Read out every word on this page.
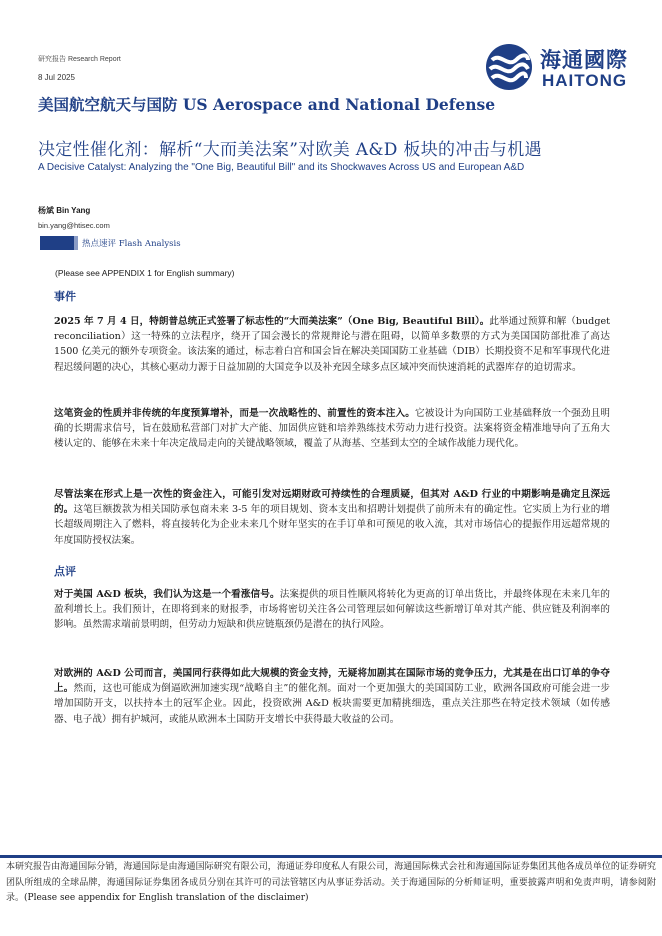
研究报告 Research Report
8 Jul 2025
海通國際
HAITONG
美国航空航天与国防 US Aerospace and National Defense
决定性催化剂：解析“大而美法案”对欧美 A&D 板块的冲击与机遇
A Decisive Catalyst: Analyzing the "One Big, Beautiful Bill" and its Shockwaves Across US and European A&D
杨斌 Bin Yang
bin.yang@htisec.com
热点速评 Flash Analysis
(Please see APPENDIX 1 for English summary)
事件

2025 年 7 月 4 日，特朗普总统正式签署了标志性的“大而美法案”（One Big, Beautiful Bill）。此举通过预算和解（budget reconciliation）这一特殊的立法程序，绕开了国会漫长的常规辩论与潜在阻碍，以简单多数票的方式为美国国防部批准了高达 1500 亿美元的额外专项资金。该法案的通过，标志着白宫和国会旨在解决美国国防工业基础（DIB）长期投资不足和军事现代化进程迟缓问题的决心，其核心驱动力源于日益加剧的大国竞争以及补充因全球多点区域冲突而快速消耗的武器库存的迫切需求。

这笔资金的性质并非传统的年度预算增补，而是一次战略性的、前置性的资本注入。它被设计为向国防工业基础释放一个强劲且明确的长期需求信号，旨在鼓励私营部门对扩大产能、加固供应链和培养熟练技术劳动力进行投资。法案将资金精准地导向了五角大楼认定的、能够在未来十年决定战局走向的关键战略领域，覆盖了从海基、空基到太空的全域作战能力现代化。

尽管法案在形式上是一次性的资金注入，可能引发对远期财政可持续性的合理质疑，但其对 A&D 行业的中期影响是确定且深远的。这笔巨额拨款为相关国防承包商未来 3-5 年的项目规划、资本支出和招聘计划提供了前所未有的确定性。它实质上为行业的增长超级周期注入了燃料，将直接转化为企业未来几个财年坚实的在手订单和可预见的收入流，其对市场信心的提振作用远超常规的年度国防授权法案。

点评

对于美国 A&D 板块，我们认为这是一个看涨信号。法案提供的项目性顺风将转化为更高的订单出货比，并最终体现在未来几年的盈利增长上。我们预计，在即将到来的财报季，市场将密切关注各公司管理层如何解读这些新增订单对其产能、供应链及利润率的影响。虽然需求端前景明朗，但劳动力短缺和供应链瓶颈仍是潜在的执行风险。

对欧洲的 A&D 公司而言，美国同行获得如此大规模的资金支持，无疑将加剧其在国际市场的竞争压力，尤其是在出口订单的争夺上。然而，这也可能成为倒逼欧洲加速实现“战略自主”的催化剂。面对一个更加强大的美国国防工业，欧洲各国政府可能会进一步增加国防开支，以扶持本土的冠军企业。因此，投资欧洲 A&D 板块需要更加精挑细选，重点关注那些在特定技术领域（如传感器、电子战）拥有护城河，或能从欧洲本土国防开支增长中获得最大收益的公司。

本研究报告由海通国际分销，海通国际是由海通国际研究有限公司，海通证券印度私人有限公司，海通国际株式会社和海通国际证券集团其他各成员单位的证券研究团队所组成的全球品牌，海通国际证券集团各成员分别在其许可的司法管辖区内从事证券活动。关于海通国际的分析师证明，重要披露声明和免责声明，请参阅附录。(Please see appendix for English translation of the disclaimer)
